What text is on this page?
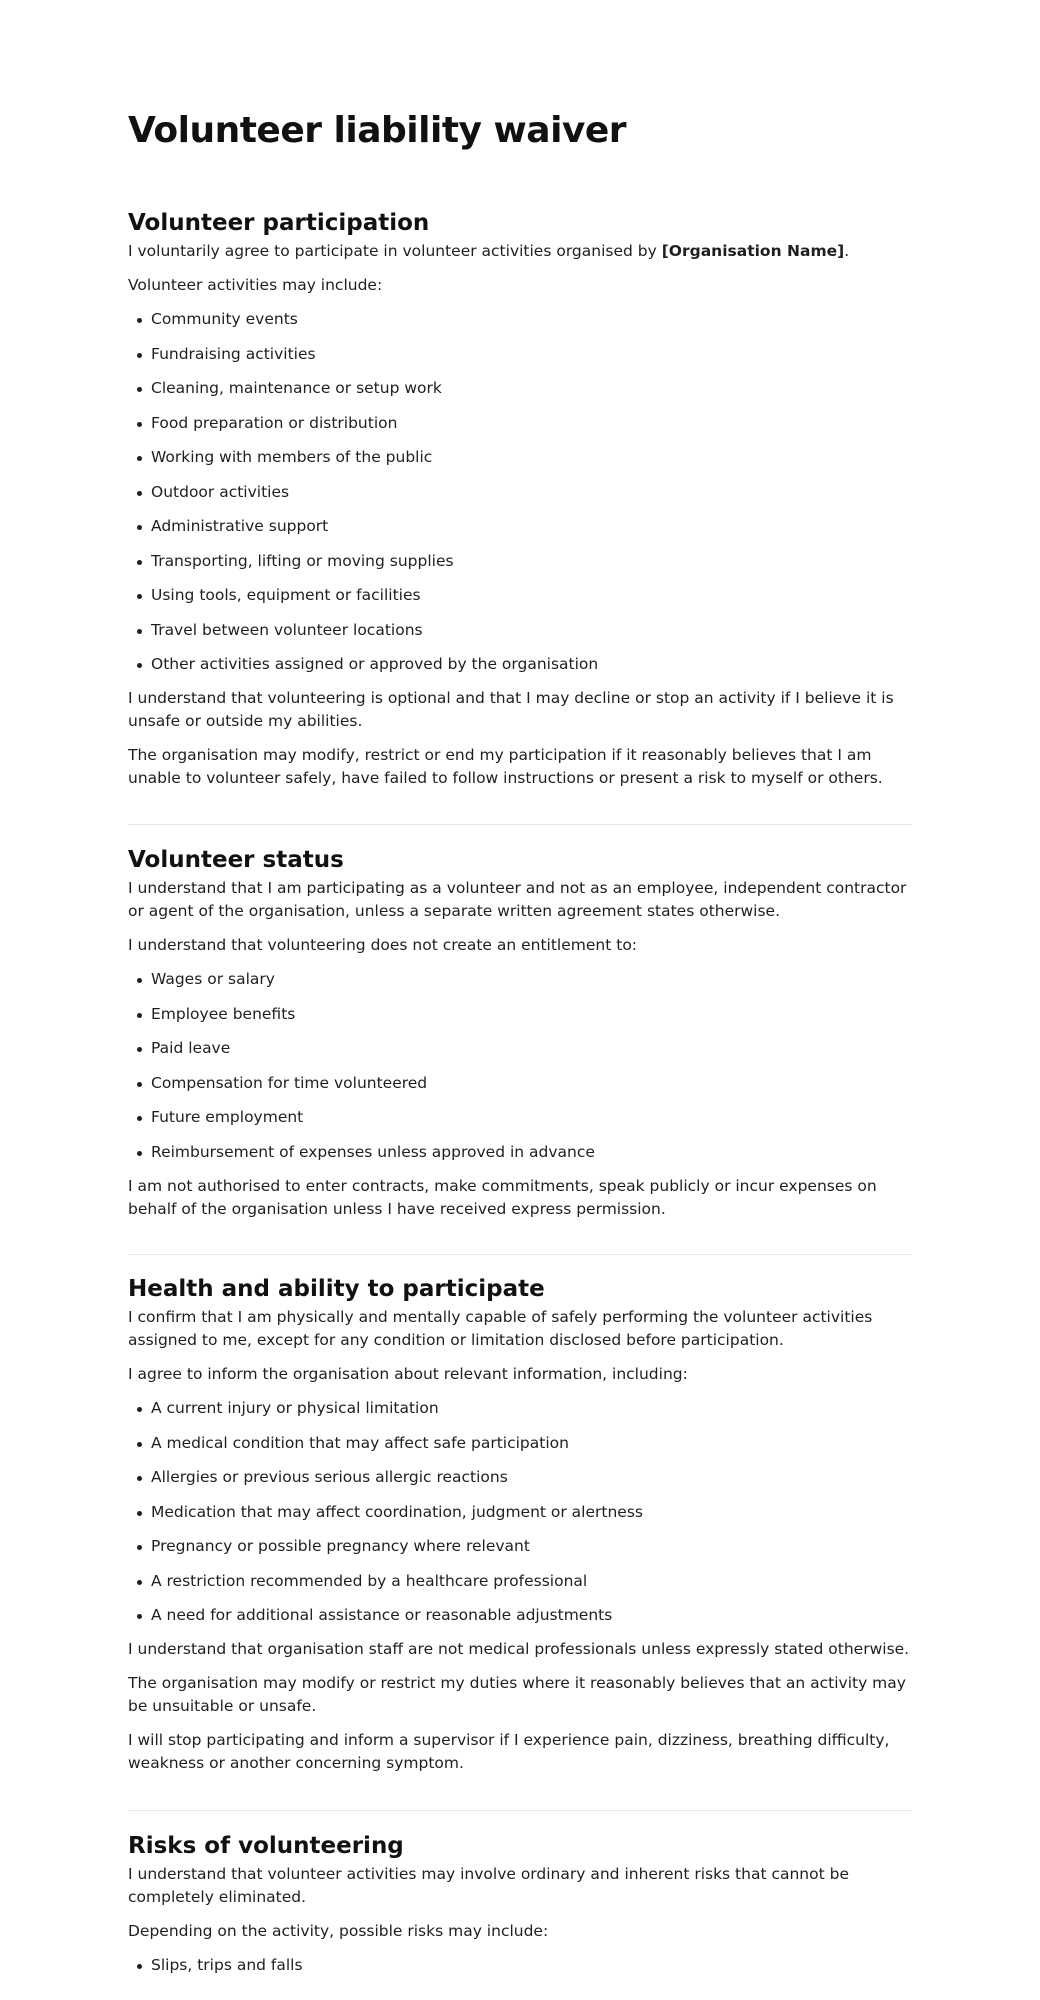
Volunteer liability waiver
Volunteer participation

I voluntarily agree to participate in volunteer activities organised by [Organisation Name].

Volunteer activities may include:

Community events
Fundraising activities
Cleaning, maintenance or setup work
Food preparation or distribution
Working with members of the public
Outdoor activities
Administrative support
Transporting, lifting or moving supplies
Using tools, equipment or facilities
Travel between volunteer locations
Other activities assigned or approved by the organisation

I understand that volunteering is optional and that I may decline or stop an activity if I believe it is unsafe or outside my abilities.

The organisation may modify, restrict or end my participation if it reasonably believes that I am unable to volunteer safely, have failed to follow instructions or present a risk to myself or others.

Volunteer status

I understand that I am participating as a volunteer and not as an employee, independent contractor or agent of the organisation, unless a separate written agreement states otherwise.

I understand that volunteering does not create an entitlement to:

Wages or salary
Employee benefits
Paid leave
Compensation for time volunteered
Future employment
Reimbursement of expenses unless approved in advance

I am not authorised to enter contracts, make commitments, speak publicly or incur expenses on behalf of the organisation unless I have received express permission.

Health and ability to participate

I confirm that I am physically and mentally capable of safely performing the volunteer activities assigned to me, except for any condition or limitation disclosed before participation.

I agree to inform the organisation about relevant information, including:

A current injury or physical limitation
A medical condition that may affect safe participation
Allergies or previous serious allergic reactions
Medication that may affect coordination, judgment or alertness
Pregnancy or possible pregnancy where relevant
A restriction recommended by a healthcare professional
A need for additional assistance or reasonable adjustments

I understand that organisation staff are not medical professionals unless expressly stated otherwise.

The organisation may modify or restrict my duties where it reasonably believes that an activity may be unsuitable or unsafe.

I will stop participating and inform a supervisor if I experience pain, dizziness, breathing difficulty, weakness or another concerning symptom.

Risks of volunteering

I understand that volunteer activities may involve ordinary and inherent risks that cannot be completely eliminated.

Depending on the activity, possible risks may include:

Slips, trips and falls
